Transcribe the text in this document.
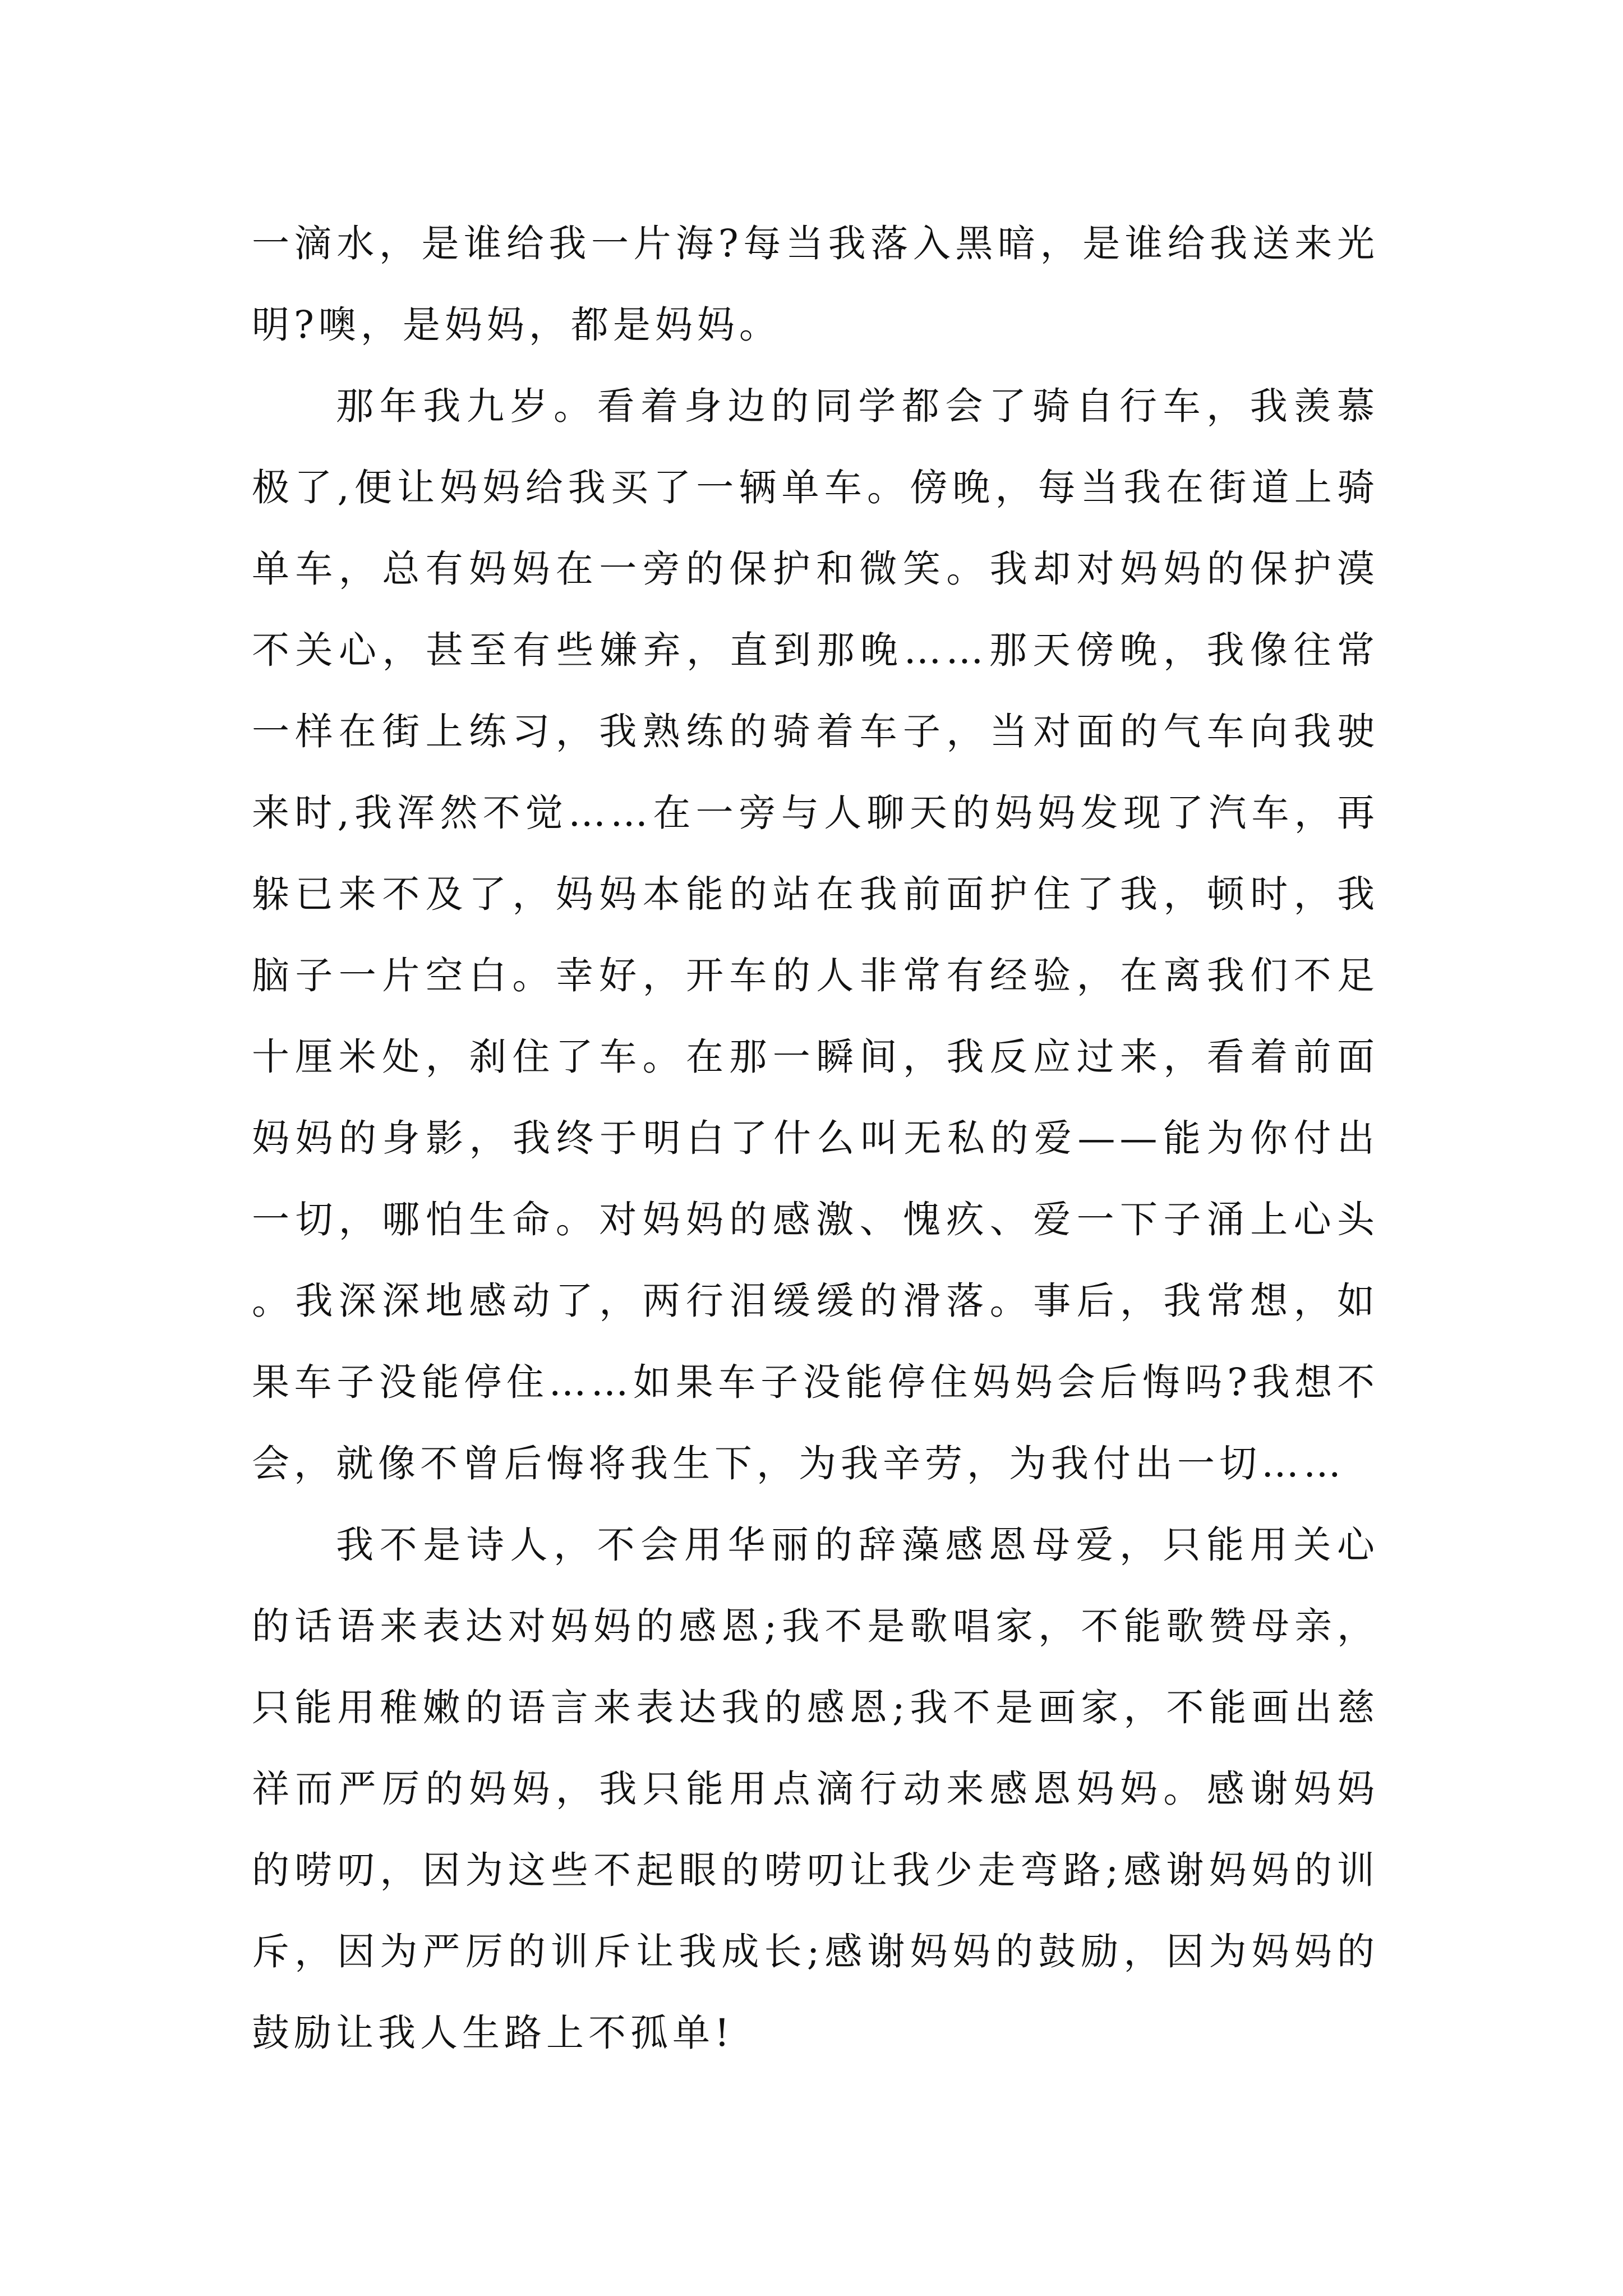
一滴水，是谁给我一片海?每当我落入黑暗，是谁给我送来光明?噢，是妈妈，都是妈妈。

那年我九岁。看着身边的同学都会了骑自行车，我羡慕极了,便让妈妈给我买了一辆单车。傍晚，每当我在街道上骑单车，总有妈妈在一旁的保护和微笑。我却对妈妈的保护漠不关心，甚至有些嫌弃，直到那晚……那天傍晚，我像往常一样在街上练习，我熟练的骑着车子，当对面的气车向我驶来时,我浑然不觉……在一旁与人聊天的妈妈发现了汽车，再躲已来不及了，妈妈本能的站在我前面护住了我，顿时，我脑子一片空白。幸好，开车的人非常有经验，在离我们不足十厘米处，刹住了车。在那一瞬间，我反应过来，看着前面妈妈的身影，我终于明白了什么叫无私的爱——能为你付出一切，哪怕生命。对妈妈的感激、愧疚、爱一下子涌上心头。我深深地感动了，两行泪缓缓的滑落。事后，我常想，如果车子没能停住……如果车子没能停住妈妈会后悔吗?我想不会，就像不曾后悔将我生下，为我辛劳，为我付出一切……

我不是诗人，不会用华丽的辞藻感恩母爱，只能用关心的话语来表达对妈妈的感恩;我不是歌唱家，不能歌赞母亲，只能用稚嫩的语言来表达我的感恩;我不是画家，不能画出慈祥而严厉的妈妈，我只能用点滴行动来感恩妈妈。感谢妈妈的唠叨，因为这些不起眼的唠叨让我少走弯路;感谢妈妈的训斥，因为严厉的训斥让我成长;感谢妈妈的鼓励，因为妈妈的鼓励让我人生路上不孤单!
